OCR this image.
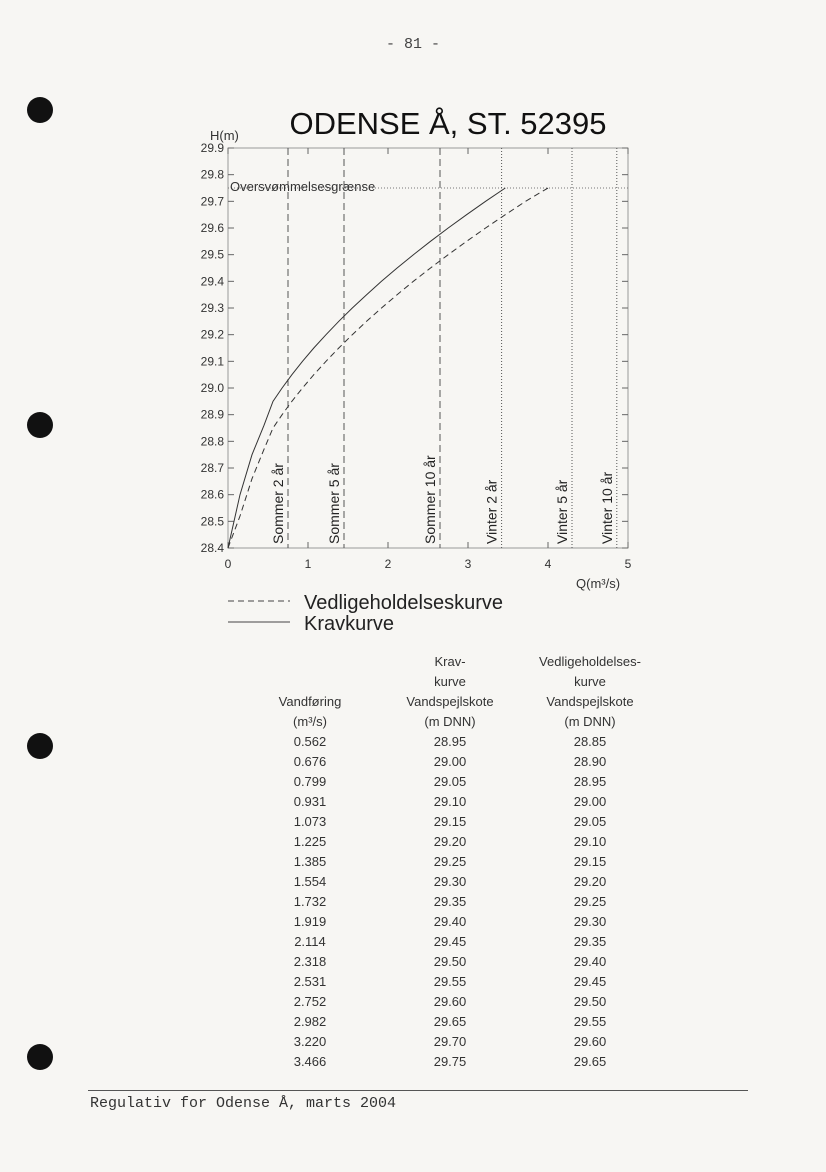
- 81 -
ODENSE Å, ST. 52395
H(m)
Q(m³/s)
28.4
28.5
28.6
28.7
28.8
28.9
29.0
29.1
29.2
29.3
29.4
29.5
29.6
29.7
29.8
29.9
0	1	2	3	4	5
Oversvømmelsesgrænse
Sommer 2 år	Sommer 5 år	Sommer 10 år	Vinter 2 år	Vinter 5 år Vinter 10 år
Vedligeholdelseskurve
Kravkurve
	Krav-	Vedligeholdelses-
	kurve	kurve
Vandføring	Vandspejlskote	Vandspejlskote
(m³/s)	(m DNN)	(m DNN)
0.562	28.95	28.85
0.676	29.00	28.90
0.799	29.05	28.95
0.931	29.10	29.00
1.073	29.15	29.05
1.225	29.20	29.10
1.385	29.25	29.15
1.554	29.30	29.20
1.732	29.35	29.25
1.919	29.40	29.30
2.114	29.45	29.35
2.318	29.50	29.40
2.531	29.55	29.45
2.752	29.60	29.50
2.982	29.65	29.55
3.220	29.70	29.60
3.466	29.75	29.65
Regulativ for Odense Å, marts 2004
